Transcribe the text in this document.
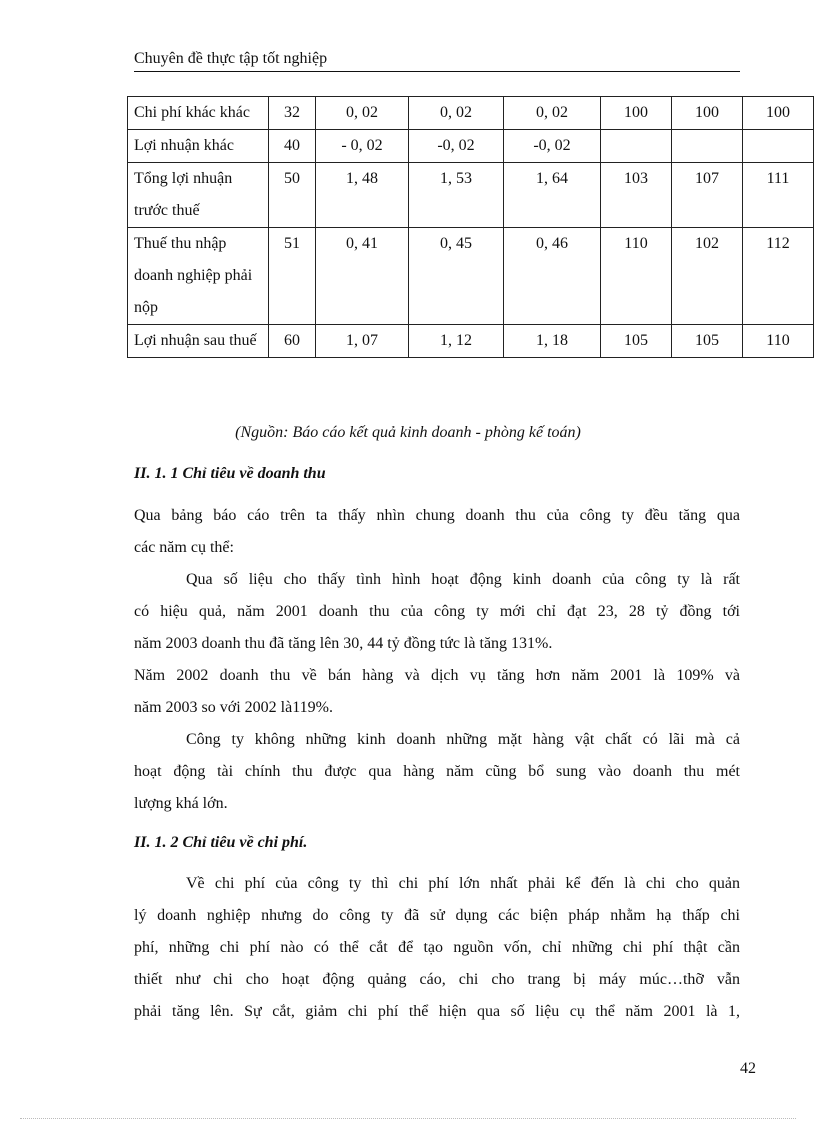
Chuyên đề thực tập tốt nghiệp
Chi phí khác khác	32	0, 02	0, 02	0, 02	100	100	100
Lợi nhuận khác	40	- 0, 02	-0, 02	-0, 02			
Tổng lợi nhuận trước thuế	50	1, 48	1, 53	1, 64	103	107	111
Thuế thu nhập doanh nghiệp phải nộp	51	0, 41	0, 45	0, 46	110	102	112
Lợi nhuận sau thuế	60	1, 07	1, 12	1, 18	105	105	110
(Nguồn: Báo cáo kết quả kinh doanh - phòng kế toán)
II. 1. 1 Chỉ tiêu về doanh thu

Qua bảng báo cáo trên ta thấy nhìn chung doanh thu của công ty đều tăng qua
các năm cụ thể:

Qua số liệu cho thấy tình hình hoạt động kinh doanh của công ty là rất
có hiệu quả, năm 2001 doanh thu của công ty mới chỉ đạt 23, 28 tỷ đồng tới
năm 2003 doanh thu đã tăng lên 30, 44 tỷ đồng tức là tăng 131%.

Năm 2002 doanh thu về bán hàng và dịch vụ tăng hơn năm 2001 là 109% và
năm 2003 so với 2002 là119%.

Công ty không những kinh doanh những mặt hàng vật chất có lãi mà cả
hoạt động tài chính thu được qua hàng năm cũng bổ sung vào doanh thu mét
lượng khá lớn.

II. 1. 2 Chỉ tiêu về chi phí.

Về chi phí của công ty thì chi phí lớn nhất phải kể đến là chi cho quản
lý doanh nghiệp nhưng do công ty đã sử dụng các biện pháp nhằm hạ thấp chi
phí, những chi phí nào có thể cắt để tạo nguồn vốn, chỉ những chi phí thật cần
thiết như chi cho hoạt động quảng cáo, chi cho trang bị máy múc…thỡ vẫn
phải tăng lên. Sự cắt, giảm chi phí thể hiện qua số liệu cụ thể năm 2001 là 1,

42
